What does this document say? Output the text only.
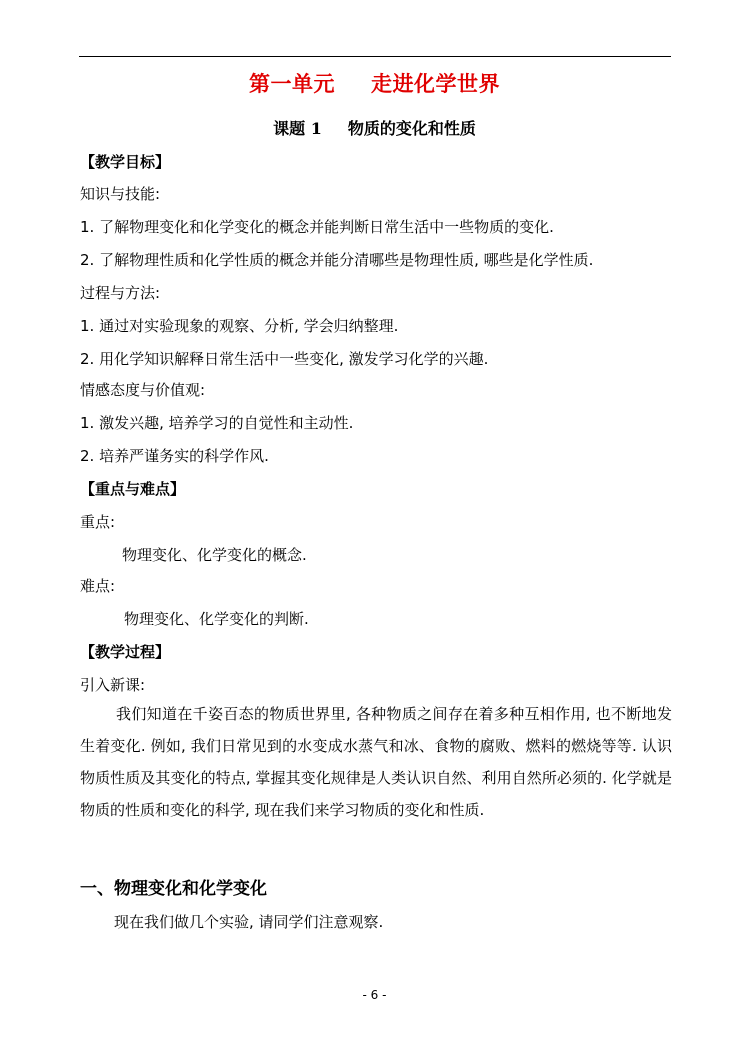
第一单元 走进化学世界
课题 1 物质的变化和性质
【教学目标】
知识与技能:
1. 了解物理变化和化学变化的概念并能判断日常生活中一些物质的变化.
2. 了解物理性质和化学性质的概念并能分清哪些是物理性质, 哪些是化学性质.
过程与方法:
1. 通过对实验现象的观察、分析, 学会归纳整理.
2. 用化学知识解释日常生活中一些变化, 激发学习化学的兴趣.
情感态度与价值观:
1. 激发兴趣, 培养学习的自觉性和主动性.
2. 培养严谨务实的科学作风.
【重点与难点】
重点:
物理变化、化学变化的概念.
难点:
物理变化、化学变化的判断.
【教学过程】
引入新课:
我们知道在千姿百态的物质世界里, 各种物质之间存在着多种互相作用, 也不断地发生着变化. 例如, 我们日常见到的水变成水蒸气和冰、食物的腐败、燃料的燃烧等等. 认识物质性质及其变化的特点, 掌握其变化规律是人类认识自然、利用自然所必须的. 化学就是物质的性质和变化的科学, 现在我们来学习物质的变化和性质.
一、物理变化和化学变化
现在我们做几个实验, 请同学们注意观察.
- 6 -
